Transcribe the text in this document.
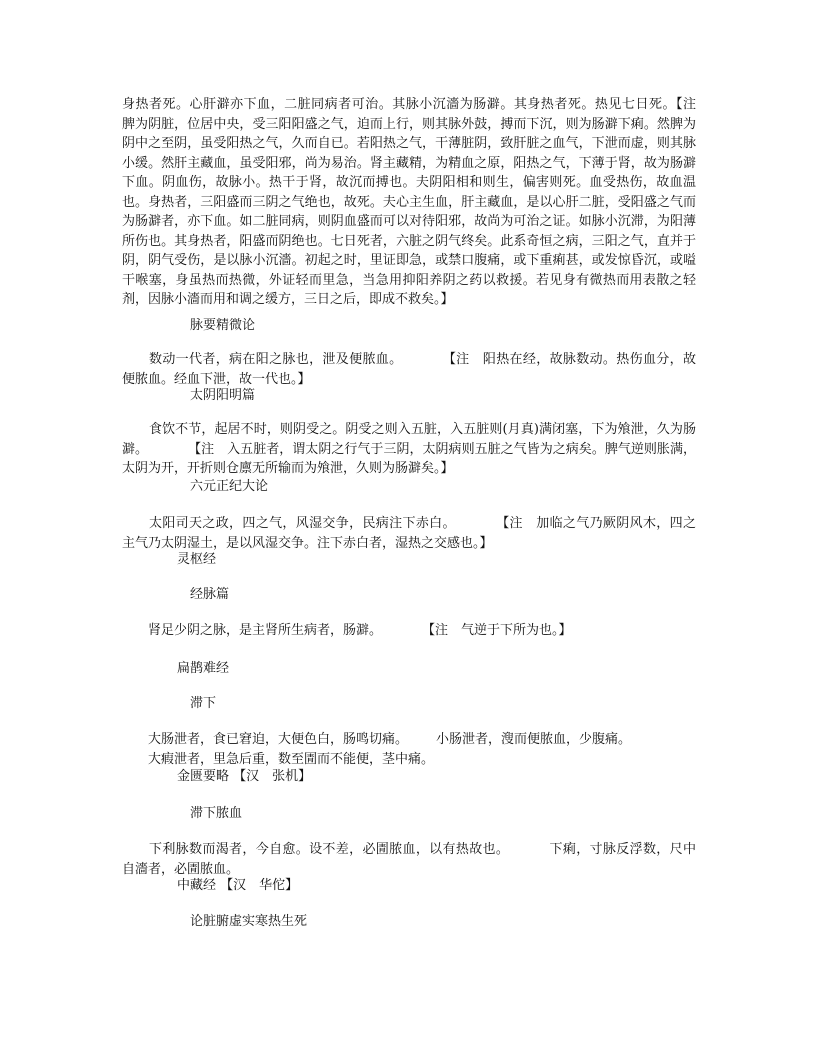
身热者死。心肝澼亦下血，二脏同病者可治。其脉小沉濇为肠澼。其身热者死。热见七日死。【注　脾为阴脏，位居中央，受三阳阳盛之气，迫而上行，则其脉外鼓，搏而下沉，则为肠澼下痢。然脾为阴中之至阴，虽受阳热之气，久而自已。若阳热之气，干薄脏阴，致肝脏之血气，下泄而虚，则其脉小缓。然肝主藏血，虽受阳邪，尚为易治。肾主藏精，为精血之原，阳热之气，下薄于肾，故为肠澼下血。阴血伤，故脉小。热干于肾，故沉而搏也。夫阴阳相和则生，偏害则死。血受热伤，故血温也。身热者，三阳盛而三阴之气绝也，故死。夫心主生血，肝主藏血，是以心肝二脏，受阳盛之气而为肠澼者，亦下血。如二脏同病，则阴血盛而可以对待阳邪，故尚为可治之证。如脉小沉滞，为阳薄所伤也。其身热者，阳盛而阴绝也。七日死者，六脏之阴气终矣。此系奇恒之病，三阳之气，直并于阴，阴气受伤，是以脉小沉濇。初起之时，里证即急，或禁口腹痛，或下重痢甚，或发惊昏沉，或嗌干喉塞，身虽热而热微，外证轻而里急，当急用抑阳养阴之药以救援。若见身有微热而用表散之轻剂，因脉小濇而用和调之缓方，三日之后，即成不救矣。】
脉要精微论
数动一代者，病在阳之脉也，泄及便脓血。	【注　阳热在经，故脉数动。热伤血分，故便脓血。经血下泄，故一代也。】
太阴阳明篇
食饮不节，起居不时，则阴受之。阴受之则入五脏，入五脏则(月真)满闭塞，下为飧泄，久为肠澼。	【注　入五脏者，谓太阴之行气于三阴，太阴病则五脏之气皆为之病矣。脾气逆则胀满，太阴为开，开折则仓廪无所输而为飧泄，久则为肠澼矣。】
六元正纪大论
太阳司天之政，四之气，风湿交争，民病注下赤白。	【注　加临之气乃厥阴风木，四之主气乃太阴湿土，是以风湿交争。注下赤白者，湿热之交感也。】
灵枢经
经脉篇
肾足少阴之脉，是主肾所生病者，肠澼。	【注　气逆于下所为也。】
扁鹊难经
滞下
大肠泄者，食已窘迫，大便色白，肠鸣切痛。 小肠泄者，溲而便脓血，少腹痛。
大瘕泄者，里急后重，数至圊而不能便，茎中痛。
金匮要略 【汉　张机】
滞下脓血
下利脉数而渴者，今自愈。设不差，必圊脓血，以有热故也。	下痢，寸脉反浮数，尺中自濇者，必圊脓血。
中藏经 【汉　华佗】
论脏腑虚实寒热生死
